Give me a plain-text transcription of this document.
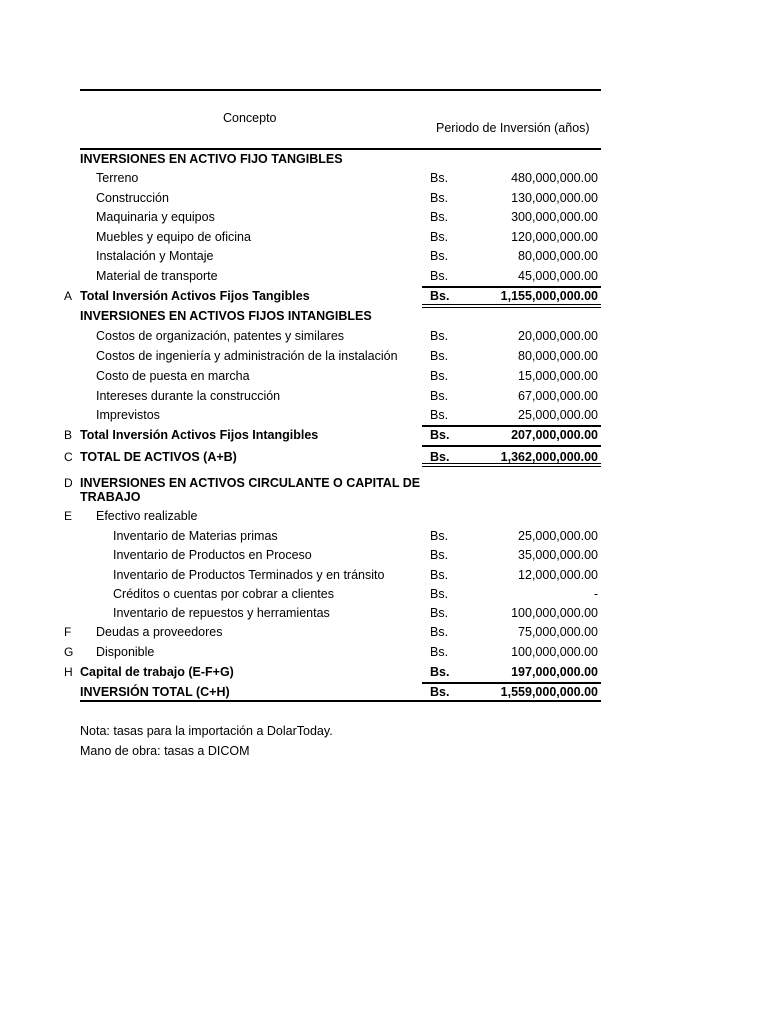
Concepto
Periodo de Inversión (años)
INVERSIONES EN ACTIVO FIJO TANGIBLES
Terreno	Bs.	480,000,000.00
Construcción	Bs.	130,000,000.00
Maquinaria y equipos	Bs.	300,000,000.00
Muebles y equipo de oficina	Bs.	120,000,000.00
Instalación y Montaje	Bs.	80,000,000.00
Material de transporte	Bs.	45,000,000.00
A Total Inversión Activos Fijos Tangibles	Bs.	1,155,000,000.00
INVERSIONES EN ACTIVOS FIJOS INTANGIBLES
Costos de organización, patentes y similares	Bs.	20,000,000.00
Costos de ingeniería y administración de la instalación	Bs.	80,000,000.00
Costo de puesta en marcha	Bs.	15,000,000.00
Intereses durante la construcción	Bs.	67,000,000.00
Imprevistos	Bs.	25,000,000.00
B Total Inversión Activos Fijos Intangibles	Bs.	207,000,000.00
C TOTAL DE ACTIVOS (A+B)	Bs.	1,362,000,000.00
D INVERSIONES EN ACTIVOS CIRCULANTE O CAPITAL DE
TRABAJO
E	Efectivo realizable
Inventario de Materias primas	Bs.	25,000,000.00
Inventario de Productos en Proceso	Bs.	35,000,000.00
Inventario de Productos Terminados y en tránsito	Bs.	12,000,000.00
Créditos o cuentas por cobrar a clientes	Bs.	-
Inventario de repuestos y herramientas	Bs.	100,000,000.00
F	Deudas a proveedores	Bs.	75,000,000.00
G	Disponible	Bs.	100,000,000.00
H Capital de trabajo (E-F+G)	Bs.	197,000,000.00
INVERSIÓN TOTAL (C+H)	Bs.	1,559,000,000.00
Nota: tasas para la importación a DolarToday.
Mano de obra: tasas a DICOM
